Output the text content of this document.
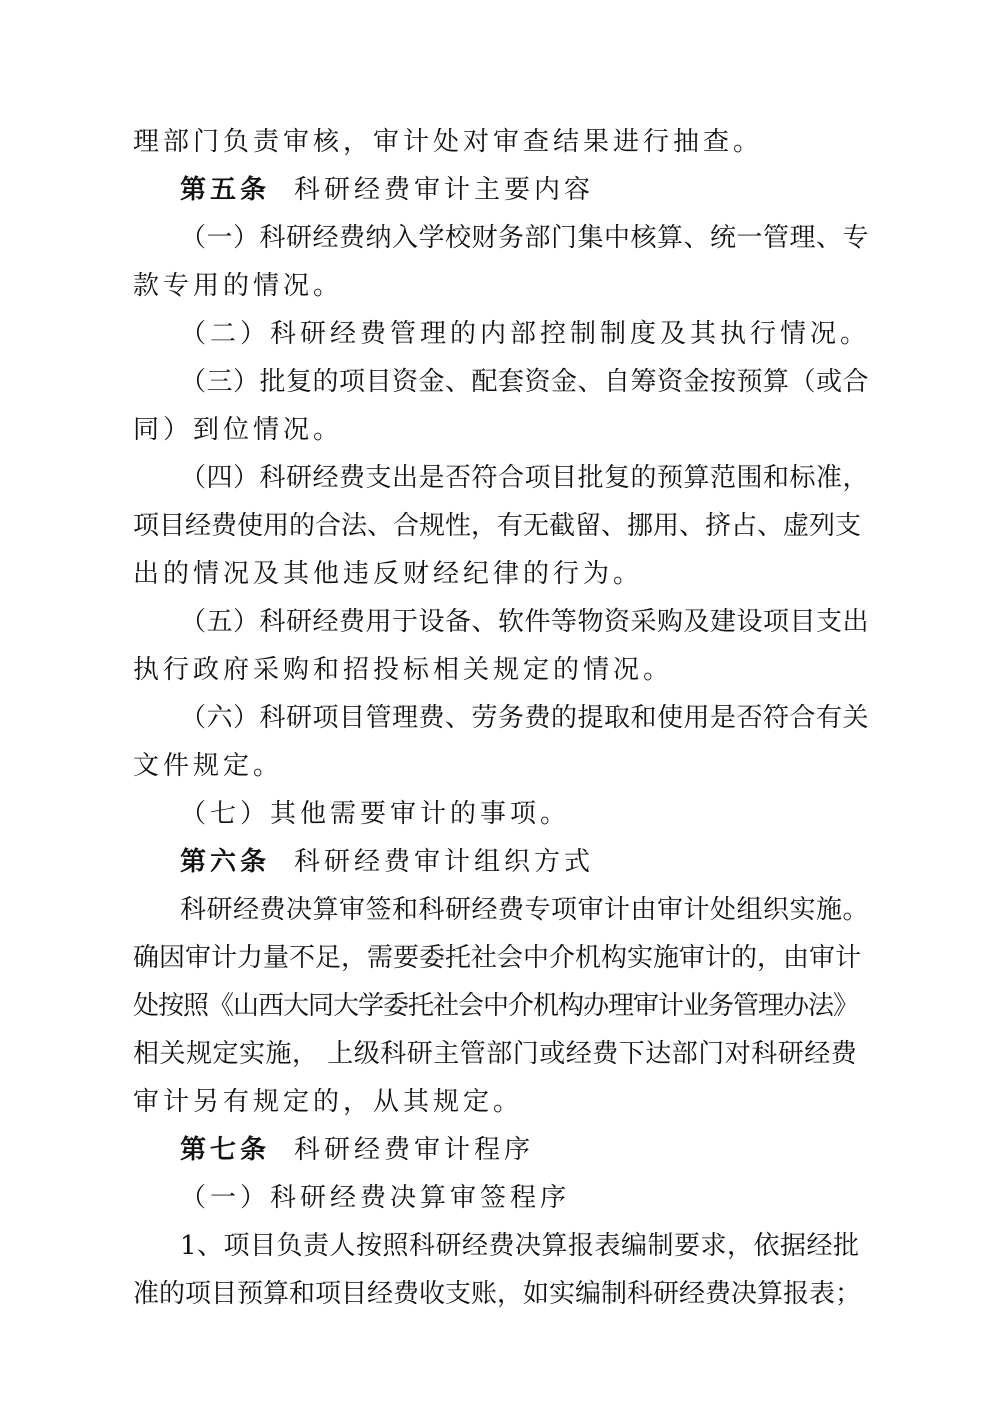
理部门负责审核，审计处对审查结果进行抽查。
第五条 科研经费审计主要内容
（一）科研经费纳入学校财务部门集中核算、统一管理、专
款专用的情况。
（二）科研经费管理的内部控制制度及其执行情况。
（三）批复的项目资金、配套资金、自筹资金按预算（或合
同）到位情况。
（四）科研经费支出是否符合项目批复的预算范围和标准，
项目经费使用的合法、合规性，有无截留、挪用、挤占、虚列支
出的情况及其他违反财经纪律的行为。
（五）科研经费用于设备、软件等物资采购及建设项目支出
执行政府采购和招投标相关规定的情况。
（六）科研项目管理费、劳务费的提取和使用是否符合有关
文件规定。
（七）其他需要审计的事项。
第六条 科研经费审计组织方式
科研经费决算审签和科研经费专项审计由审计处组织实施。
确因审计力量不足，需要委托社会中介机构实施审计的，由审计
处按照《山西大同大学委托社会中介机构办理审计业务管理办法》
相关规定实施， 上级科研主管部门或经费下达部门对科研经费
审计另有规定的，从其规定。
第七条 科研经费审计程序
（一）科研经费决算审签程序
1、项目负责人按照科研经费决算报表编制要求，依据经批
准的项目预算和项目经费收支账，如实编制科研经费决算报表；
